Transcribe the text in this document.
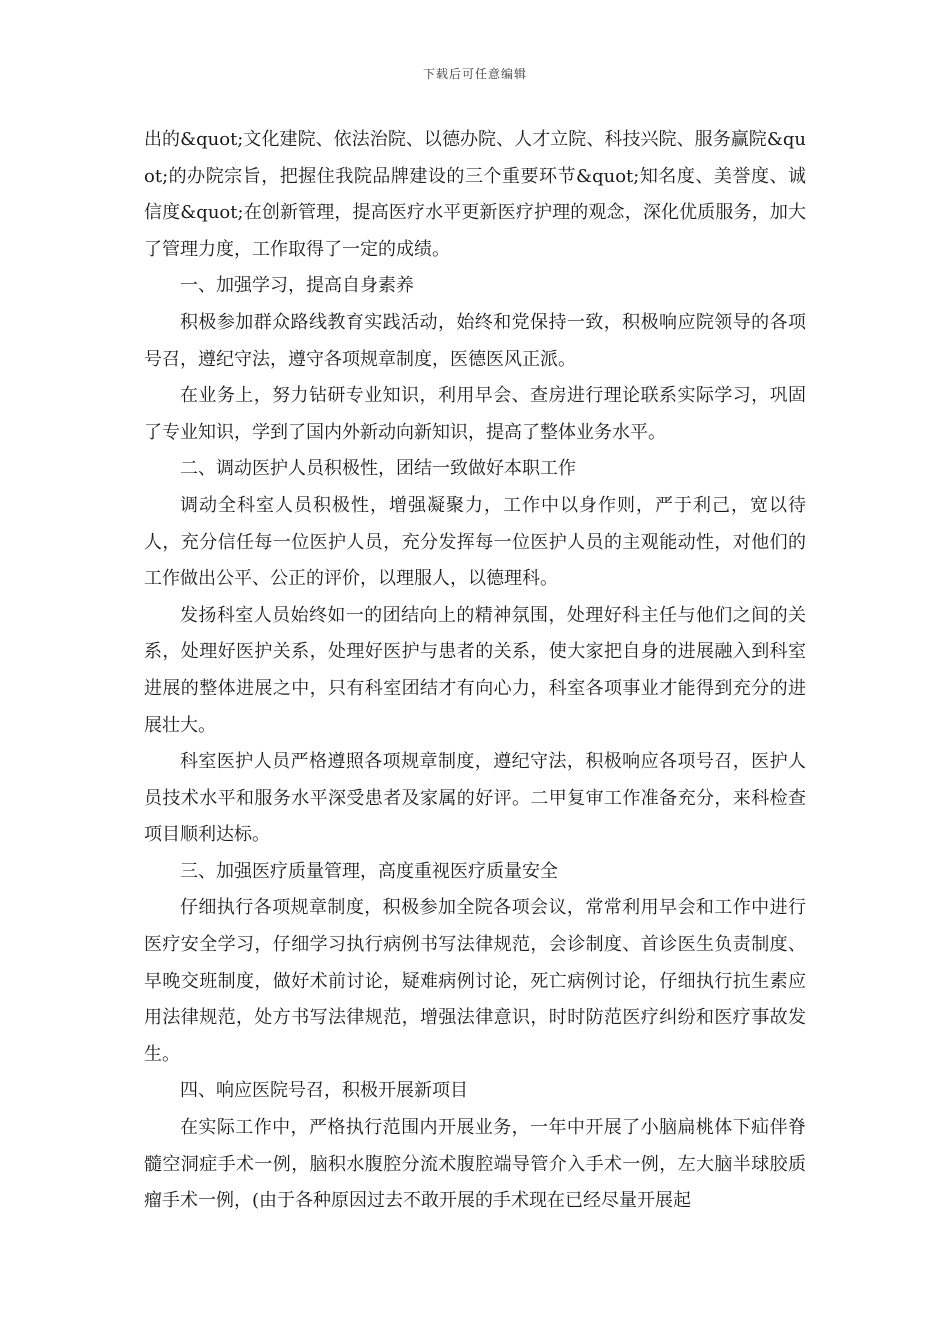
下载后可任意编辑

出的&quot;文化建院、依法治院、以德办院、人才立院、科技兴院、服务赢院&quot;的办院宗旨，把握住我院品牌建设的三个重要环节&quot;知名度、美誉度、诚信度&quot;在创新管理，提高医疗水平更新医疗护理的观念，深化优质服务，加大了管理力度，工作取得了一定的成绩。

一、加强学习，提高自身素养

积极参加群众路线教育实践活动，始终和党保持一致，积极响应院领导的各项号召，遵纪守法，遵守各项规章制度，医德医风正派。

在业务上，努力钻研专业知识，利用早会、查房进行理论联系实际学习，巩固了专业知识，学到了国内外新动向新知识，提高了整体业务水平。

二、调动医护人员积极性，团结一致做好本职工作

调动全科室人员积极性，增强凝聚力，工作中以身作则，严于利己，宽以待人，充分信任每一位医护人员，充分发挥每一位医护人员的主观能动性，对他们的工作做出公平、公正的评价，以理服人，以德理科。

发扬科室人员始终如一的团结向上的精神氛围，处理好科主任与他们之间的关系，处理好医护关系，处理好医护与患者的关系，使大家把自身的进展融入到科室进展的整体进展之中，只有科室团结才有向心力，科室各项事业才能得到充分的进展壮大。

科室医护人员严格遵照各项规章制度，遵纪守法，积极响应各项号召，医护人员技术水平和服务水平深受患者及家属的好评。二甲复审工作准备充分，来科检查项目顺利达标。

三、加强医疗质量管理，高度重视医疗质量安全

仔细执行各项规章制度，积极参加全院各项会议，常常利用早会和工作中进行医疗安全学习，仔细学习执行病例书写法律规范，会诊制度、首诊医生负责制度、早晚交班制度，做好术前讨论，疑难病例讨论，死亡病例讨论，仔细执行抗生素应用法律规范，处方书写法律规范，增强法律意识，时时防范医疗纠纷和医疗事故发生。

四、响应医院号召，积极开展新项目

在实际工作中，严格执行范围内开展业务，一年中开展了小脑扁桃体下疝伴脊髓空洞症手术一例，脑积水腹腔分流术腹腔端导管介入手术一例，左大脑半球胶质瘤手术一例，(由于各种原因过去不敢开展的手术现在已经尽量开展起
